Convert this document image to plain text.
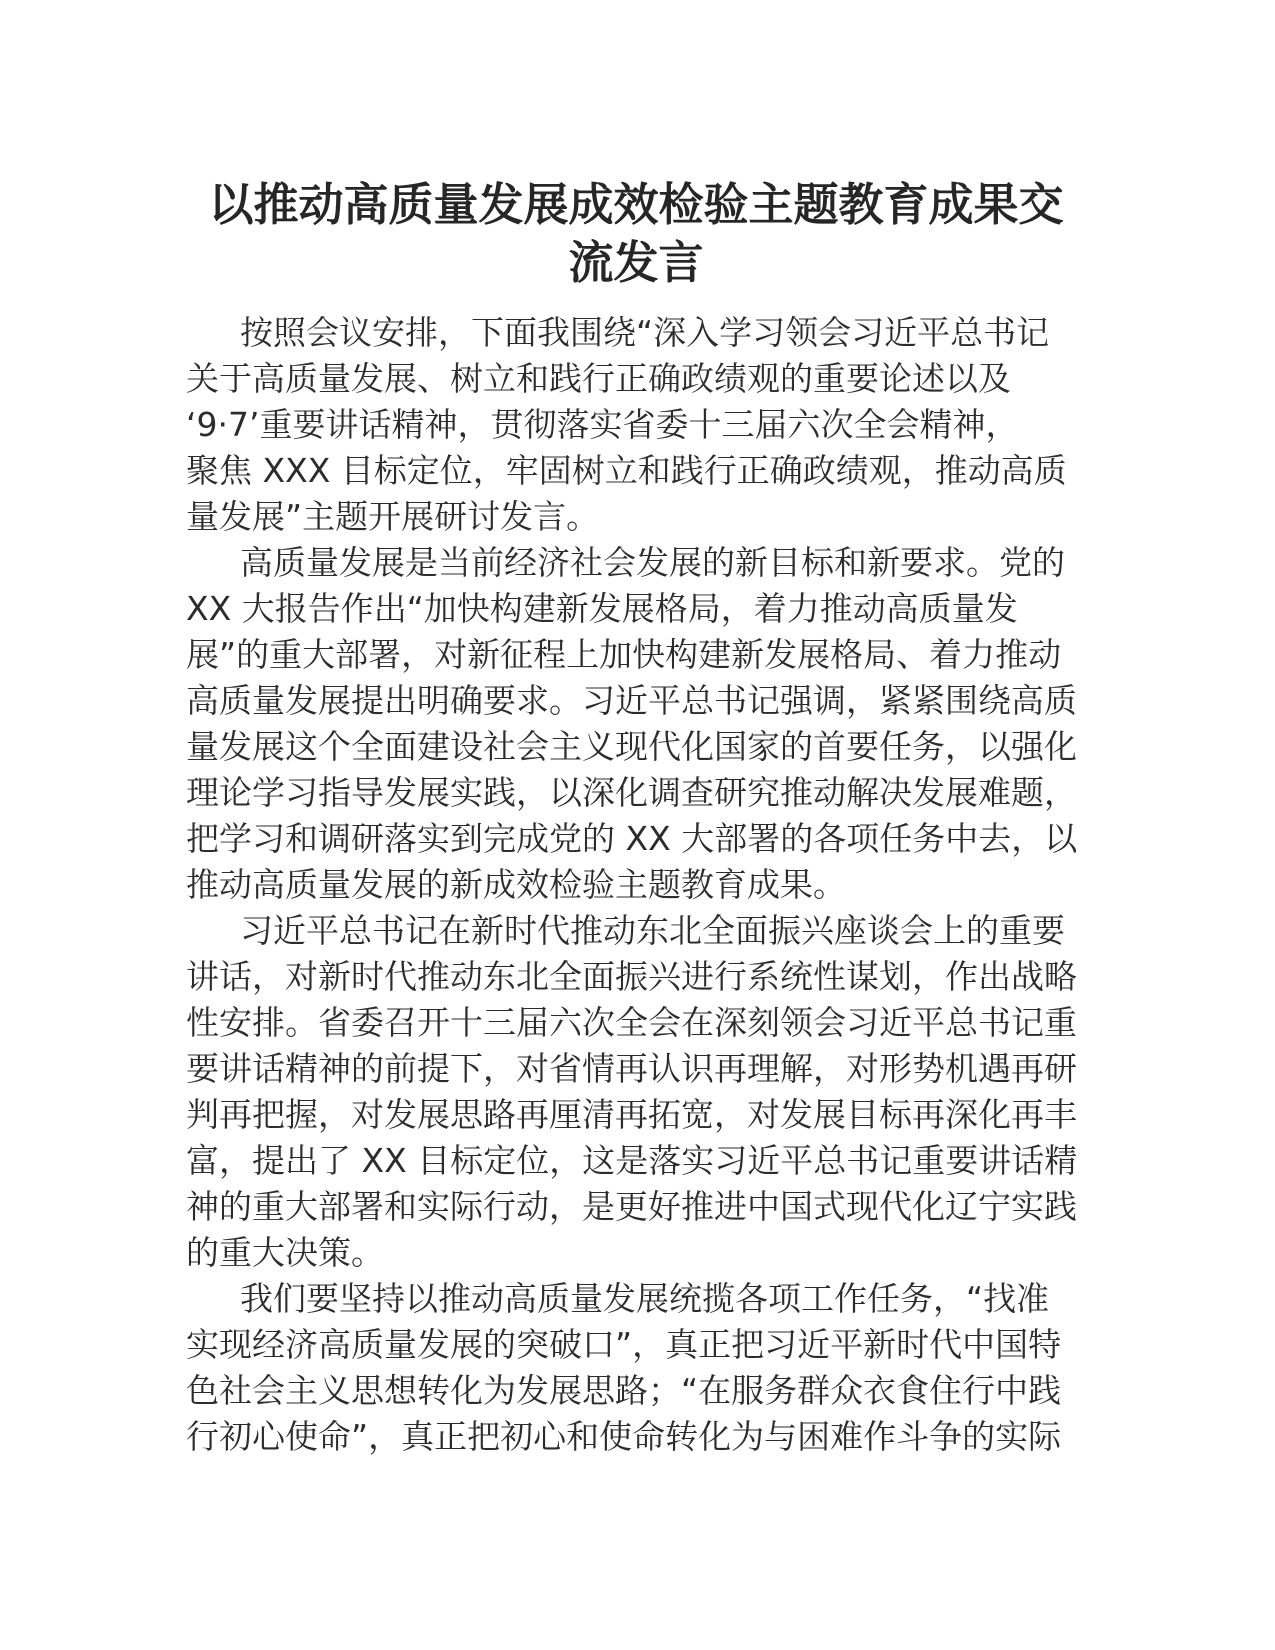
以推动高质量发展成效检验主题教育成果交
流发言

按照会议安排，下面我围绕“深入学习领会习近平总书记
关于高质量发展、树立和践行正确政绩观的重要论述以及
‘9·7’重要讲话精神，贯彻落实省委十三届六次全会精神，
聚焦 XXX 目标定位，牢固树立和践行正确政绩观，推动高质
量发展”主题开展研讨发言。

高质量发展是当前经济社会发展的新目标和新要求。党的
XX 大报告作出“加快构建新发展格局，着力推动高质量发
展”的重大部署，对新征程上加快构建新发展格局、着力推动
高质量发展提出明确要求。习近平总书记强调，紧紧围绕高质
量发展这个全面建设社会主义现代化国家的首要任务，以强化
理论学习指导发展实践，以深化调查研究推动解决发展难题，
把学习和调研落实到完成党的 XX 大部署的各项任务中去，以
推动高质量发展的新成效检验主题教育成果。

习近平总书记在新时代推动东北全面振兴座谈会上的重要
讲话，对新时代推动东北全面振兴进行系统性谋划，作出战略
性安排。省委召开十三届六次全会在深刻领会习近平总书记重
要讲话精神的前提下，对省情再认识再理解，对形势机遇再研
判再把握，对发展思路再厘清再拓宽，对发展目标再深化再丰
富，提出了 XX 目标定位，这是落实习近平总书记重要讲话精
神的重大部署和实际行动，是更好推进中国式现代化辽宁实践
的重大决策。

我们要坚持以推动高质量发展统揽各项工作任务，“找准
实现经济高质量发展的突破口”，真正把习近平新时代中国特
色社会主义思想转化为发展思路；“在服务群众衣食住行中践
行初心使命”，真正把初心和使命转化为与困难作斗争的实际
